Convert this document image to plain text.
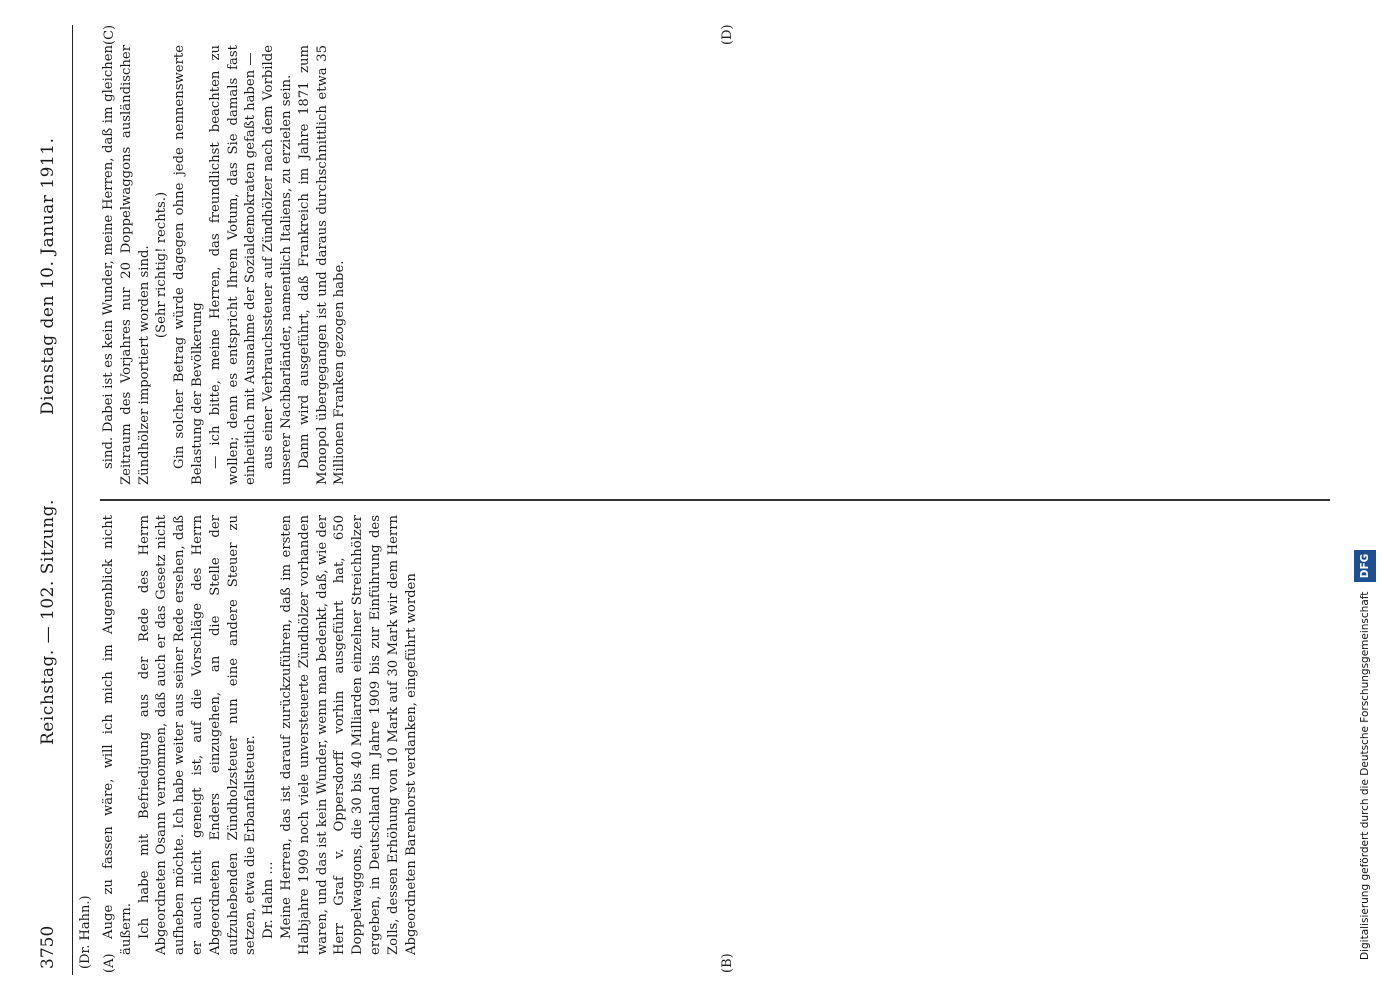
3750
Reichstag. — 102. Sitzung.
Dienstag den 10. Januar 1911.
(Dr. Hahn.) (A)	(B)
(C)	(D)

Auge zu fassen wäre, will ich mich im Augenblick nicht äußern. Ich habe mit Befriedigung aus der Rede des Herrn Abgeordneten Osann vernommen, daß auch er das Gesetz nicht aufheben möchte. Ich habe weiter aus seiner Rede ersehen, daß er auch nicht geneigt ist, auf die Vorschläge des Herrn Abgeordneten Enders einzugehen, an die Stelle der aufzuhebenden Zündholzsteuer nun eine andere Steuer zu setzen, etwa die Erbanfallsteuer. Dr. Hahn … Meine Herren, das ist darauf zurückzuführen, daß im ersten Halbjahre 1909 noch viele unversteuerte Zündhölzer vorhanden waren, und das ist kein Wunder, wenn man bedenkt, daß, wie der Herr Graf v. Oppersdorff vorhin ausgeführt hat, 650 Doppelwaggons, die 30 bis 40 Milliarden einzelner Streichhölzer ergeben, in Deutschland im Jahre 1909 bis zur Einführung des Zolls, dessen Erhöhung von 10 Mark auf 30 Mark wir dem Herrn Abgeordneten Barenhorst verdanken, eingeführt worden

sind. Dabei ist es kein Wunder, meine Herren, daß im gleichen Zeitraum des Vorjahres nur 20 Doppelwaggons ausländischer Zündhölzer importiert worden sind. (Sehr richtig! rechts.) Gin solcher Betrag würde dagegen ohne jede nennenswerte Belastung der Bevölkerung — ich bitte, meine Herren, das freundlichst beachten zu wollen; denn es entspricht Ihrem Votum, das Sie damals fast einheitlich mit Ausnahme der Sozialdemokraten gefaßt haben — aus einer Verbrauchssteuer auf Zündhölzer nach dem Vorbilde unserer Nachbarländer, namentlich Italiens, zu erzielen sein. Dann wird ausgeführt, daß Frankreich im Jahre 1871 zum Monopol übergegangen ist und daraus durchschnittlich etwa 35 Millionen Franken gezogen habe.

Digitalisierung gefördert durch die Deutsche Forschungsgemeinschaft DFG
